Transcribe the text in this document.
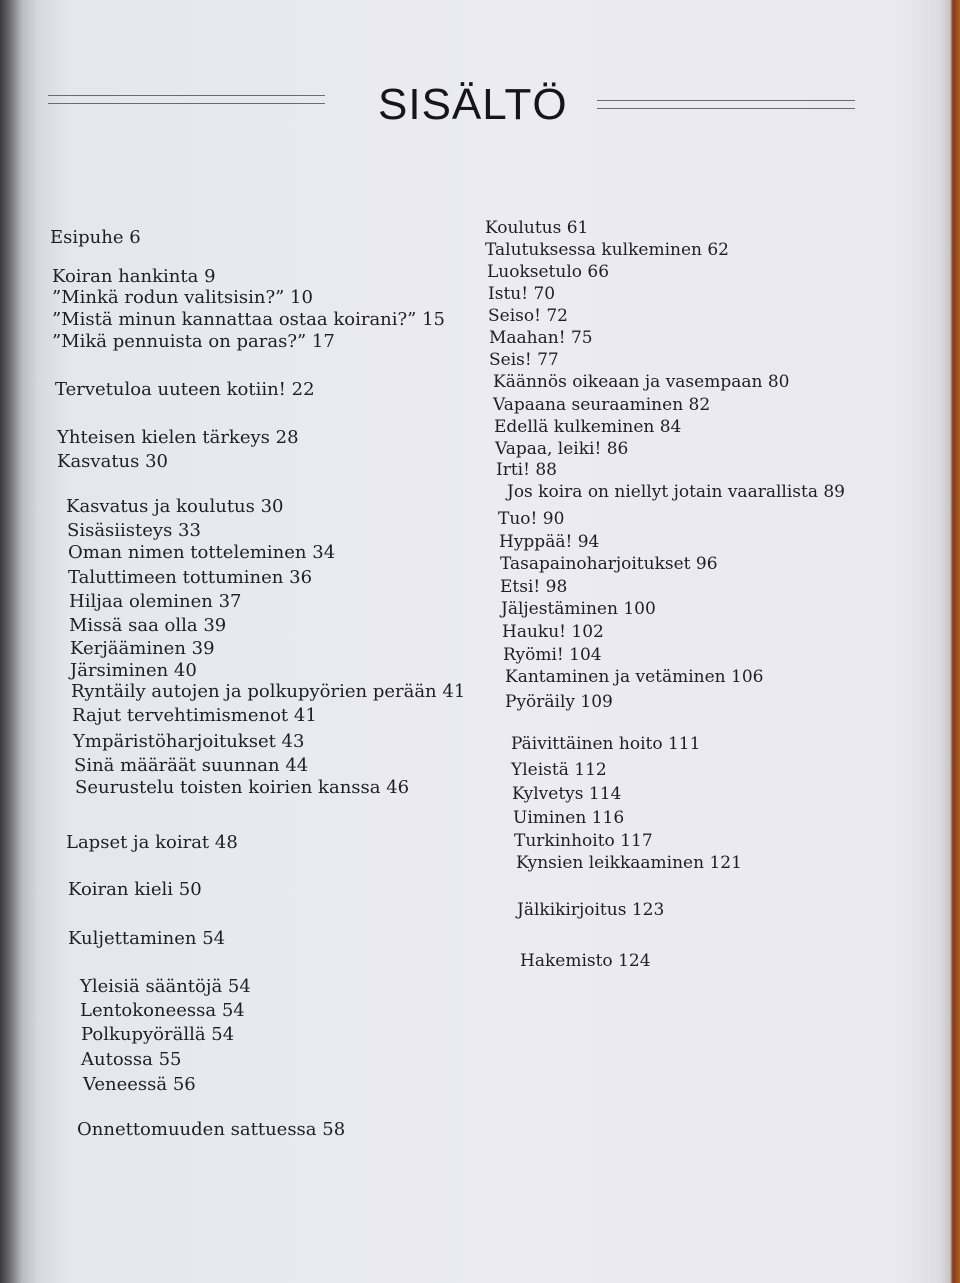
SISÄLTÖ
Esipuhe 6
Koiran hankinta 9
”Minkä rodun valitsisin?” 10
”Mistä minun kannattaa ostaa koirani?” 15
”Mikä pennuista on paras?” 17
Tervetuloa uuteen kotiin! 22
Yhteisen kielen tärkeys 28
Kasvatus 30
Kasvatus ja koulutus 30
Sisäsiisteys 33
Oman nimen totteleminen 34
Taluttimeen tottuminen 36
Hiljaa oleminen 37
Missä saa olla 39
Kerjääminen 39
Järsiminen 40
Ryntäily autojen ja polkupyörien perään 41
Rajut tervehtimismenot 41
Ympäristöharjoitukset 43
Sinä määräät suunnan 44
Seurustelu toisten koirien kanssa 46
Lapset ja koirat 48
Koiran kieli 50
Kuljettaminen 54
Yleisiä sääntöjä 54
Lentokoneessa 54
Polkupyörällä 54
Autossa 55
Veneessä 56
Onnettomuuden sattuessa 58
Koulutus 61
Talutuksessa kulkeminen 62
Luoksetulo 66
Istu! 70
Seiso! 72
Maahan! 75
Seis! 77
Käännös oikeaan ja vasempaan 80
Vapaana seuraaminen 82
Edellä kulkeminen 84
Vapaa, leiki! 86
Irti! 88
Jos koira on niellyt jotain vaarallista 89
Tuo! 90
Hyppää! 94
Tasapainoharjoitukset 96
Etsi! 98
Jäljestäminen 100
Hauku! 102
Ryömi! 104
Kantaminen ja vetäminen 106
Pyöräily 109
Päivittäinen hoito 111
Yleistä 112
Kylvetys 114
Uiminen 116
Turkinhoito 117
Kynsien leikkaaminen 121
Jälkikirjoitus 123
Hakemisto 124
